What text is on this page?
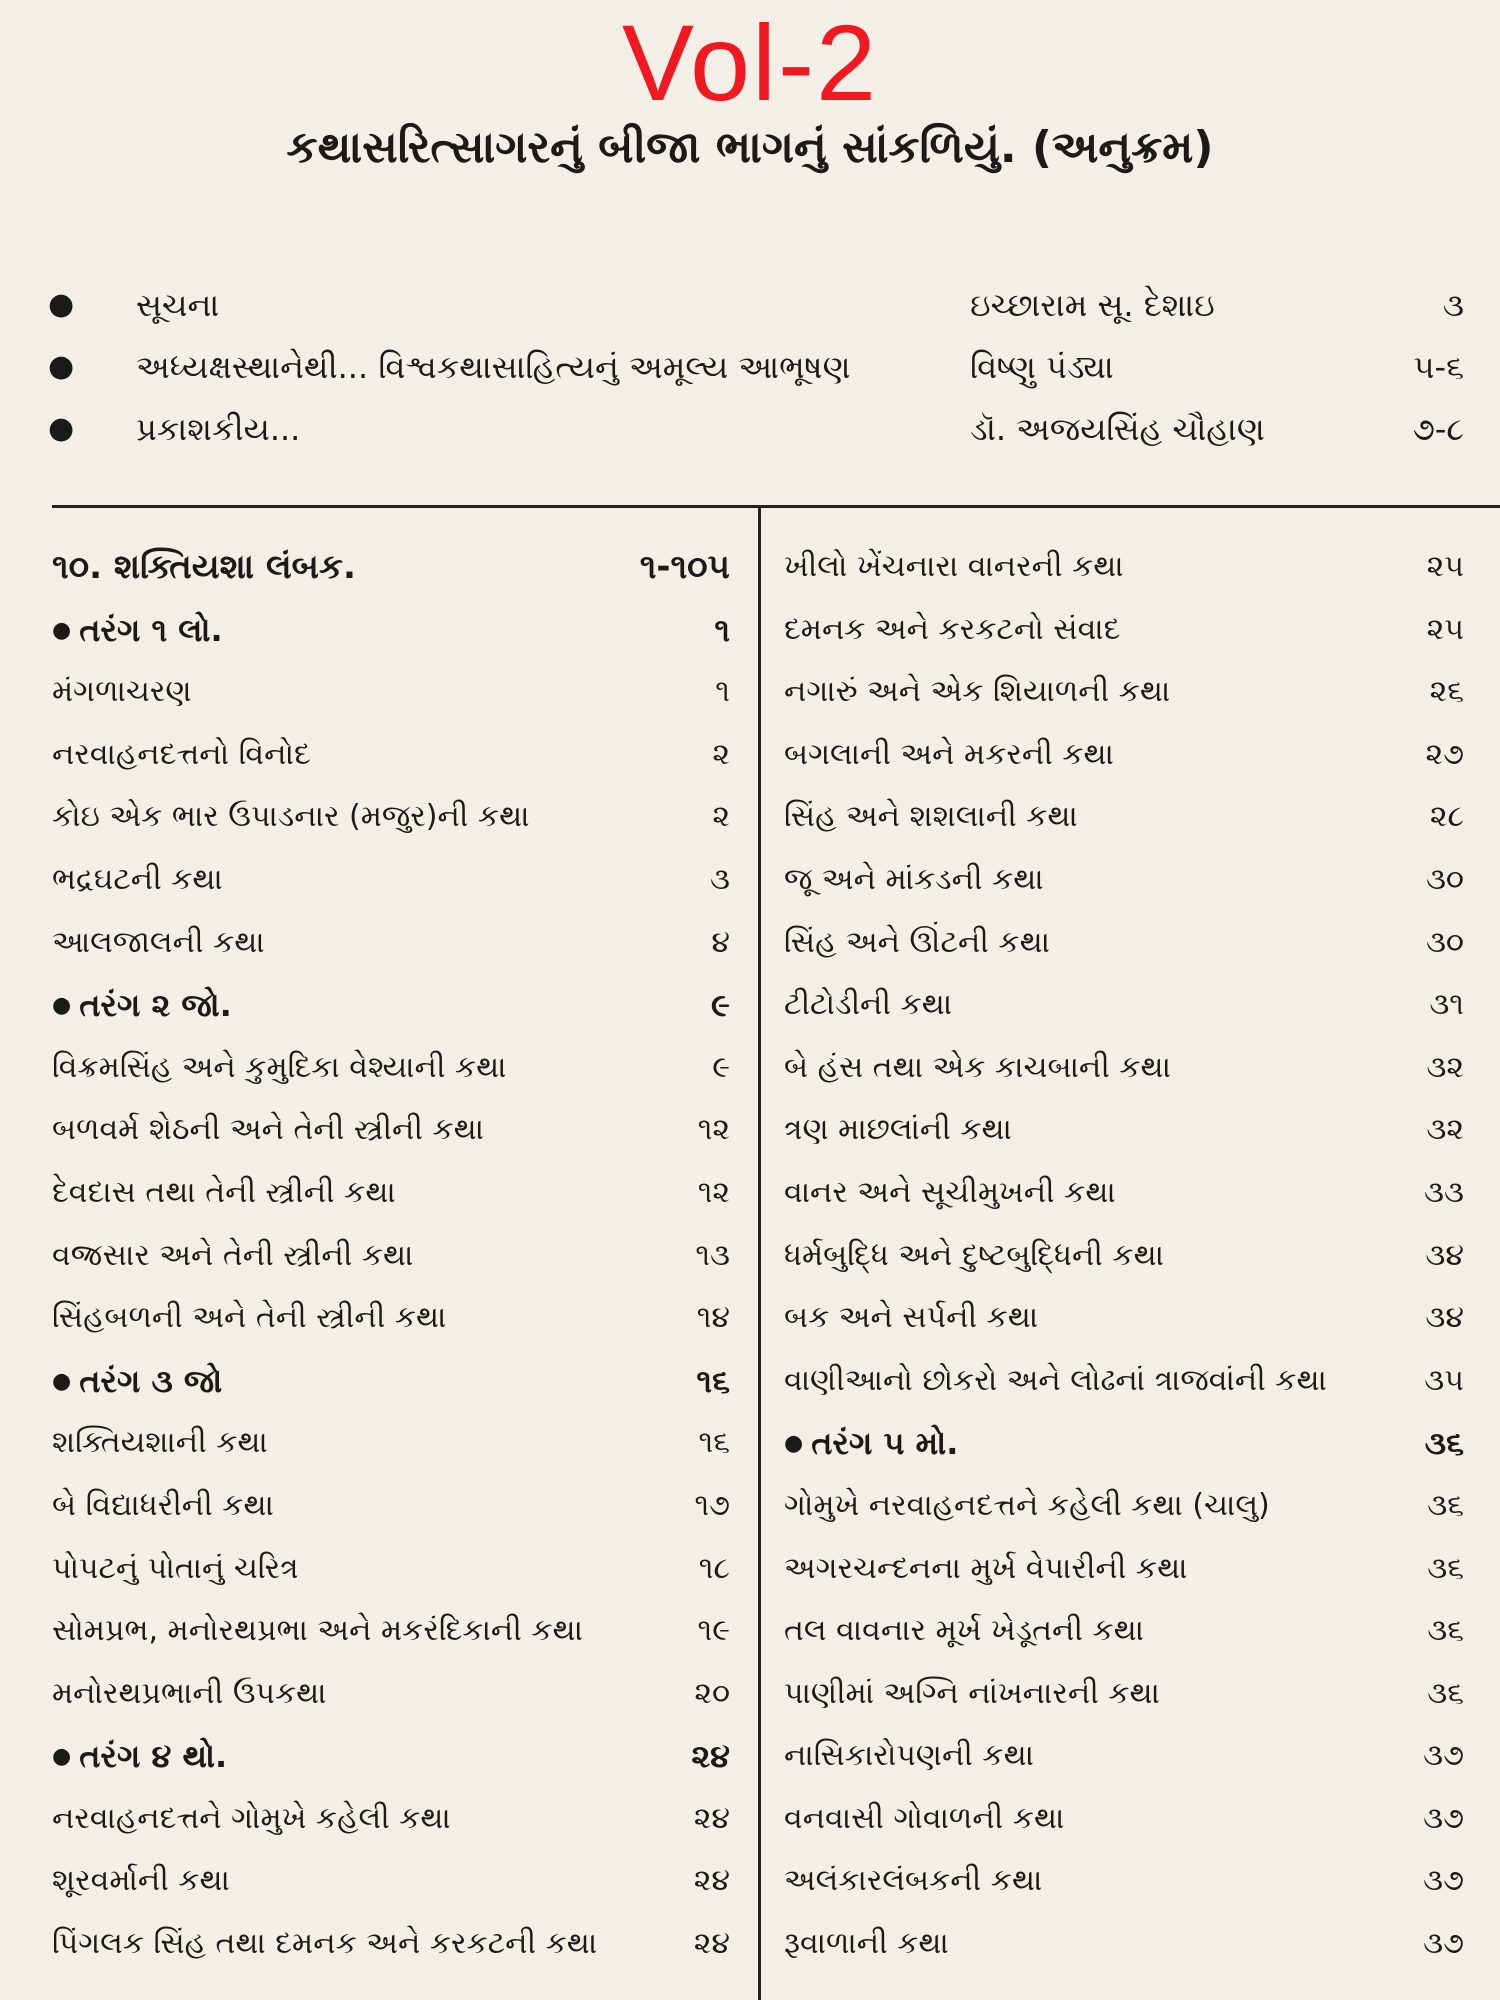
Vol-2
કથાસરિત્સાગરનું બીજા ભાગનું સાંકળિયું. (અનુક્રમ)
● સૂચના	ઇચ્છારામ સૂ. દેશાઇ	૩
● અધ્યક્ષસ્થાનેથી... વિશ્વકથાસાહિત્યનું અમૂલ્ય આભૂષણ	વિષ્ણુ પંડ્યા	૫-૬
● પ્રકાશકીય...	ડૉ. અજયસિંહ ચૌહાણ	૭-૮
૧૦. શક્તિયશા લંબક.	૧-૧૦૫
● તરંગ ૧ લો.	૧
મંગળાચરણ	૧
નરવાહનદત્તનો વિનોદ	૨
કોઇ એક ભાર ઉપાડનાર (મજુર)ની કથા	૨
ભદ્રઘટની કથા	૩
આલજાલની કથા	૪
● તરંગ ૨ જો.	૯
વિક્રમસિંહ અને કુમુદિકા વેશ્યાની કથા	૯
બળવર્મ શેઠની અને તેની સ્ત્રીની કથા	૧૨
દેવદાસ તથા તેની સ્ત્રીની કથા	૧૨
વજ્રસાર અને તેની સ્ત્રીની કથા	૧૩
સિંહબળની અને તેની સ્ત્રીની કથા	૧૪
● તરંગ ૩ જો	૧૬
શક્તિયશાની કથા	૧૬
બે વિદ્યાધરીની કથા	૧૭
પોપટનું પોતાનું ચરિત્ર	૧૮
સોમપ્રભ, મનોરથપ્રભા અને મકરંદિકાની કથા	૧૯
મનોરથપ્રભાની ઉપકથા	૨૦
● તરંગ ૪ થો.	૨૪
નરવાહનદત્તને ગોમુખે કહેલી કથા	૨૪
શૂરવર્માની કથા	૨૪
પિંગલક સિંહ તથા દમનક અને કરકટની કથા	૨૪
ખીલો ખેંચનારા વાનરની કથા	૨૫
દમનક અને કરકટનો સંવાદ	૨૫
નગારું અને એક શિયાળની કથા	૨૬
બગલાની અને મકરની કથા	૨૭
સિંહ અને શશલાની કથા	૨૮
જૂ અને માંકડની કથા	૩૦
સિંહ અને ઊંટની કથા	૩૦
ટીટોડીની કથા	૩૧
બે હંસ તથા એક કાચબાની કથા	૩૨
ત્રણ માછલાંની કથા	૩૨
વાનર અને સૂચીમુખની કથા	૩૩
ધર્મબુદ્ધિ અને દુષ્ટબુદ્ધિની કથા	૩૪
બક અને સર્પની કથા	૩૪
વાણીઆનો છોકરો અને લોઢનાં ત્રાજવાંની કથા	૩૫
● તરંગ ૫ મો.	૩૬
ગોમુખે નરવાહનદત્તને કહેલી કથા (ચાલુ)	૩૬
અગરચન્દનના મુર્ખ વેપારીની કથા	૩૬
તલ વાવનાર મૂર્ખ ખેડૂતની કથા	૩૬
પાણીમાં અગ્નિ નાંખનારની કથા	૩૬
નાસિકારોપણની કથા	૩૭
વનવાસી ગોવાળની કથા	૩૭
અલંકારલંબકની કથા	૩૭
રૂવાળાની કથા	૩૭
